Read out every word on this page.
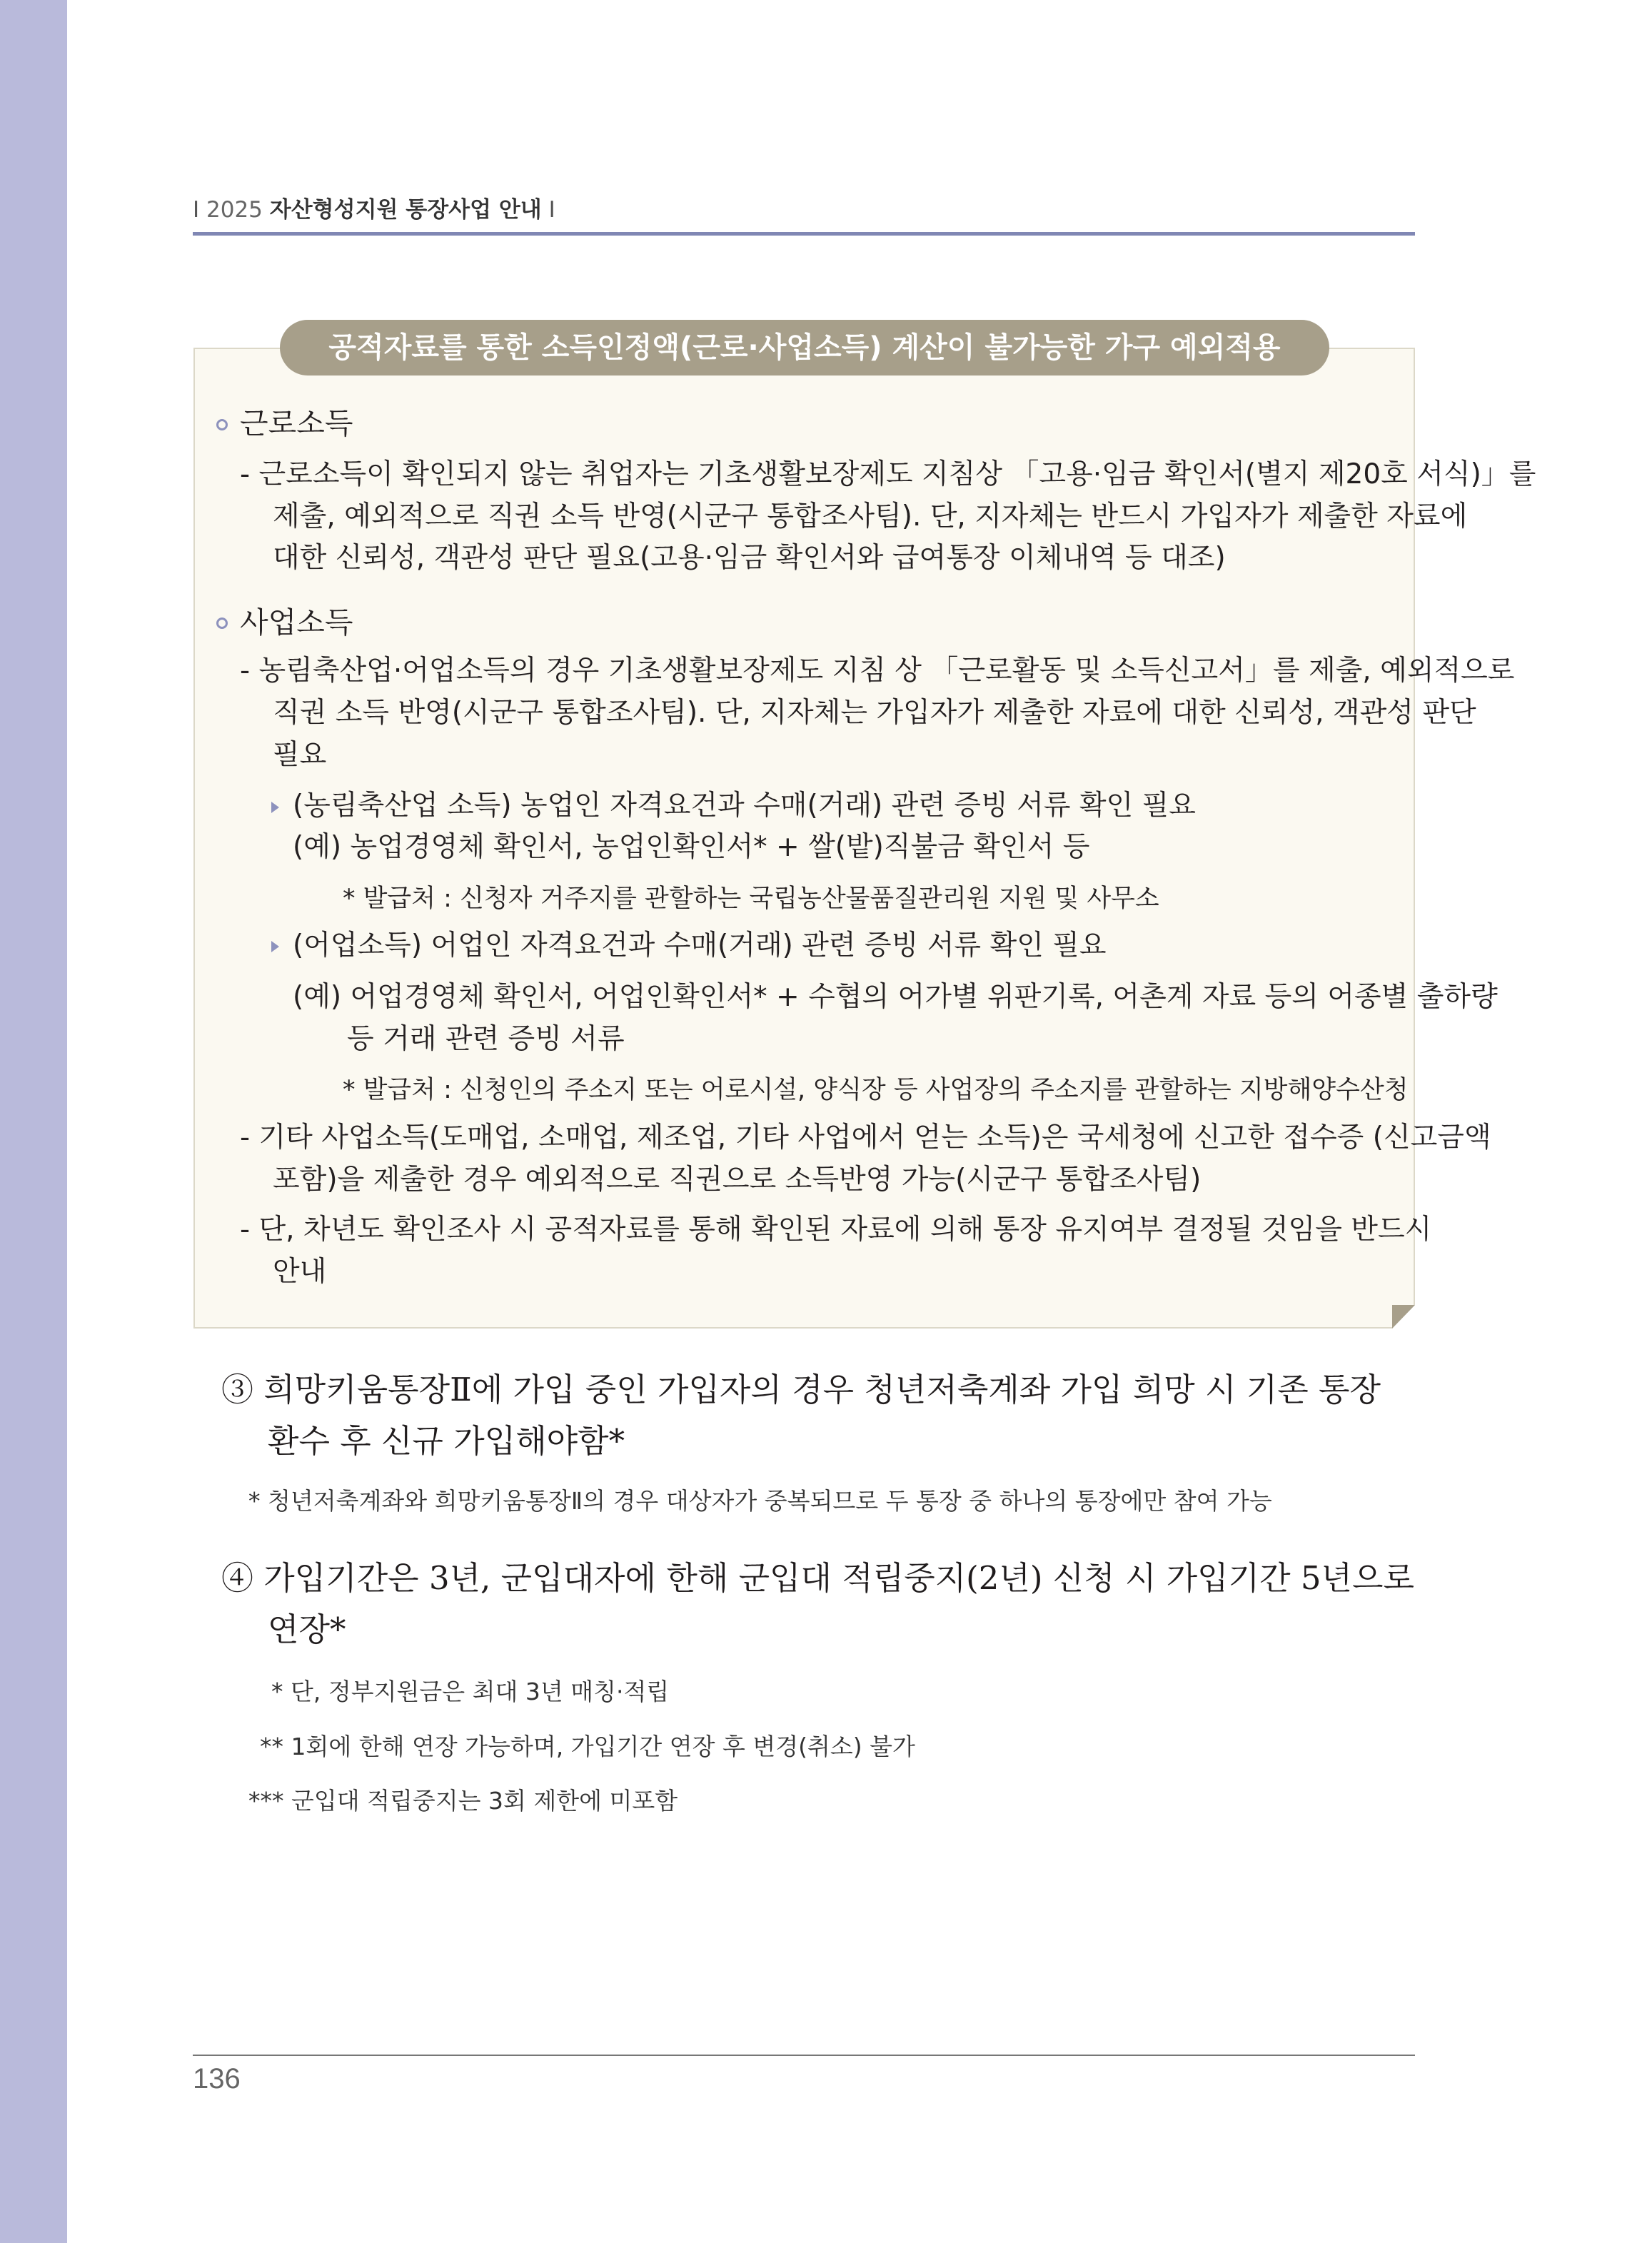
I 2025 자산형성지원 통장사업 안내 I
공적자료를 통한 소득인정액(근로·사업소득) 계산이 불가능한 가구 예외적용
근로소득
- 근로소득이 확인되지 않는 취업자는 기초생활보장제도 지침상 「고용·임금 확인서(별지 제20호 서식)」를
제출, 예외적으로 직권 소득 반영(시군구 통합조사팀). 단, 지자체는 반드시 가입자가 제출한 자료에
대한 신뢰성, 객관성 판단 필요(고용·임금 확인서와 급여통장 이체내역 등 대조)
사업소득
- 농림축산업·어업소득의 경우 기초생활보장제도 지침 상 「근로활동 및 소득신고서」를 제출, 예외적으로
직권 소득 반영(시군구 통합조사팀). 단, 지자체는 가입자가 제출한 자료에 대한 신뢰성, 객관성 판단
필요
(농림축산업 소득) 농업인 자격요건과 수매(거래) 관련 증빙 서류 확인 필요
(예) 농업경영체 확인서, 농업인확인서* + 쌀(밭)직불금 확인서 등
* 발급처 : 신청자 거주지를 관할하는 국립농산물품질관리원 지원 및 사무소
(어업소득) 어업인 자격요건과 수매(거래) 관련 증빙 서류 확인 필요
(예) 어업경영체 확인서, 어업인확인서* + 수협의 어가별 위판기록, 어촌계 자료 등의 어종별 출하량
등 거래 관련 증빙 서류
* 발급처 : 신청인의 주소지 또는 어로시설, 양식장 등 사업장의 주소지를 관할하는 지방해양수산청
- 기타 사업소득(도매업, 소매업, 제조업, 기타 사업에서 얻는 소득)은 국세청에 신고한 접수증 (신고금액
포함)을 제출한 경우 예외적으로 직권으로 소득반영 가능(시군구 통합조사팀)
- 단, 차년도 확인조사 시 공적자료를 통해 확인된 자료에 의해 통장 유지여부 결정될 것임을 반드시
안내
③ 희망키움통장Ⅱ에 가입 중인 가입자의 경우 청년저축계좌 가입 희망 시 기존 통장
환수 후 신규 가입해야함*
* 청년저축계좌와 희망키움통장Ⅱ의 경우 대상자가 중복되므로 두 통장 중 하나의 통장에만 참여 가능
④ 가입기간은 3년, 군입대자에 한해 군입대 적립중지(2년) 신청 시 가입기간 5년으로
연장*
* 단, 정부지원금은 최대 3년 매칭·적립
** 1회에 한해 연장 가능하며, 가입기간 연장 후 변경(취소) 불가
*** 군입대 적립중지는 3회 제한에 미포함
136
